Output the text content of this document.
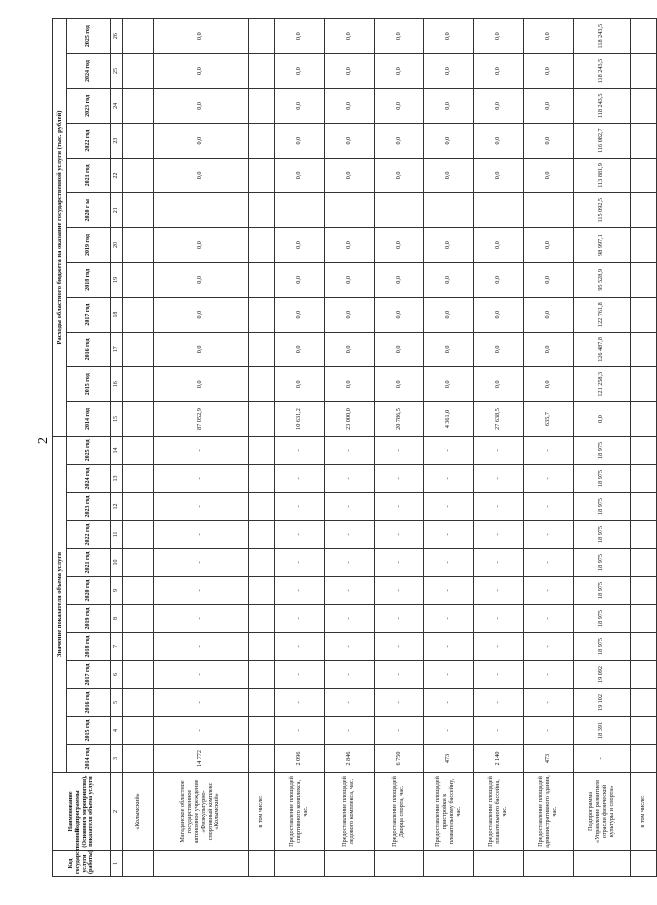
2
Код государственной услуги (работы)	Наименование Подпрограммы (Основного мероприятия), показателя объема услуги	Значение показателя объема услуги												Расходы областного бюджета на оказание государственной услуги (тыс. рублей)											
		2014 год	2015 год	2016 год	2017 год	2018 год	2019 год	2020 год	2021 год	2022 год	2023 год	2024 год	2025 год	2014 год	2015 год	2016 год	2017 год	2018 год	2019 год	2020 г ы	2021 год	2022 год	2023 год	2024 год	2025 год
1	2	3	4	5	6	7	8	9	10	11	12	13	14	15	16	17	18	19	20	21	22	23	24	25	26
	«Колымский»																								
	Магаданское областное государственное автономное учреждение «Физкультурно-спортивный комплекс «Колымский»	14 772	-	-	-	-	-	-	-	-	-	-	-	87 052,9	0,0	0,0	0,0	0,0	0,0		0,0	0,0	0,0	0,0	0,0
	в том числе:																								
	Предоставление площадей спортивного комплекса, час.	2 096	-	-	-	-	-	-	-	-	-	-	-	10 631,2	0,0	0,0	0,0	0,0	0,0		0,0	0,0	0,0	0,0	0,0
	Предоставление площадей ледового комплекса, час.	2 846	-	-	-	-	-	-	-	-	-	-	-	23 000,0	0,0	0,0	0,0	0,0	0,0		0,0	0,0	0,0	0,0	0,0
	Предоставление площадей Дворца спорта, час.	6 750	-	-	-	-	-	-	-	-	-	-	-	20 786,5	0,0	0,0	0,0	0,0	0,0		0,0	0,0	0,0	0,0	0,0
	Предоставление площадей пристройки к плавательному бассейну, час.	473	-	-	-	-	-	-	-	-	-	-	-	4 361,0	0,0	0,0	0,0	0,0	0,0		0,0	0,0	0,0	0,0	0,0
	Предоставление площадей плавательного бассейна, час.	2 140	-	-	-	-	-	-	-	-	-	-	-	27 638,5	0,0	0,0	0,0	0,0	0,0		0,0	0,0	0,0	0,0	0,0
	Предоставление площадей административного здания, час.	473	-	-	-	-	-	-	-	-	-	-	-	635,7	0,0	0,0	0,0	0,0	0,0		0,0	0,0	0,0	0,0	0,0
	Подпрограмма «Управление развитием отрасли физической культуры и спорта»	-	18 391	19 102	19 092	18 975	18 975	18 975	18 975	18 975	18 975	18 975	18 975	0,0	121 258,3	126 487,8	122 761,8	95 528,9	98 997,1	115 092,5	113 881,9	116 082,7	118 243,5	118 243,5	118 243,5
	в том числе:																								
